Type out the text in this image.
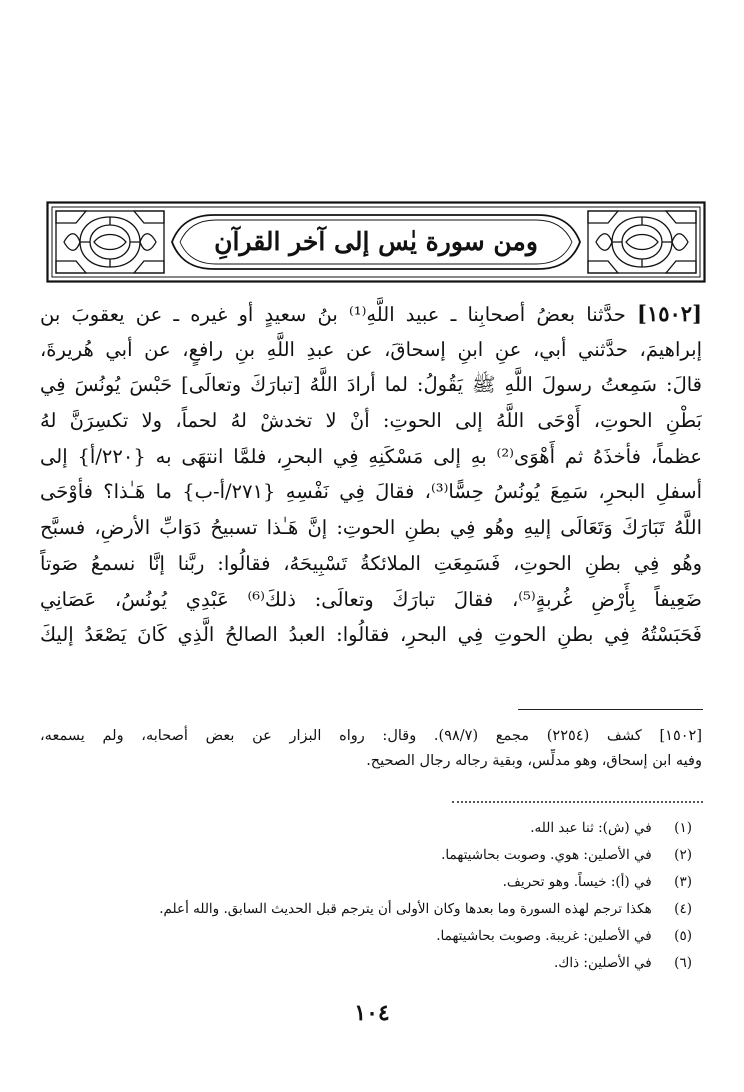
ومن سورة يٰس إلى آخر القرآنِ
[١٥٠٢] حدَّثنا بعضُ أصحابِنا ـ عبيد اللَّهِ⁽¹⁾ بنُ سعيدٍ أو غيره ـ عن يعقوبَ بن
إبراهيمَ، حدَّثني أبي، عنِ ابنِ إسحاقَ، عن عبدِ اللَّهِ بنِ رافعٍ، عن أبي هُريرةَ،
قالَ: سَمِعتُ رسولَ اللَّهِ ﷺ يَقُولُ: لما أرادَ اللَّهُ [تبارَكَ وتعالَى] حَبْسَ يُونُسَ فِي
بَطْنِ الحوتِ، أَوْحَى اللَّهُ إلى الحوتِ: أنْ لا تخدشْ لهُ لحماً، ولا تكسِرَنَّ لهُ
عظماً، فأخذَهُ ثم أَهْوَى⁽²⁾ بهِ إلى مَسْكَنِهِ فِي البحرِ، فلمَّا انتهَى به {٢٢٠/أ} إلى
أسفلِ البحرِ، سَمِعَ يُونُسُ حِسًّا⁽³⁾، فقالَ فِي نَفْسِهِ {٢٧١/أ-ب} ما هَـٰذا؟ فأوْحَى
اللَّهُ تَبَارَكَ وَتَعَالَى إليهِ وهُو فِي بطنِ الحوتِ: إنَّ هَـٰذا تسبيحُ دَوَابِّ الأرضِ، فسبَّح
وهُو فِي بطنِ الحوتِ، فَسَمِعَتِ الملائكةُ تَسْبِيحَهُ، فقالُوا: ربَّنا إنَّا نسمعُ صَوتاً
ضَعِيفاً بِأَرْضِ غُربةٍ⁽⁵⁾، فقالَ تبارَكَ وتعالَى: ذلكَ⁽⁶⁾ عَبْدِي يُونُسُ، عَصَانِي
فَحَبَسْتُهُ فِي بطنِ الحوتِ فِي البحرِ، فقالُوا: العبدُ الصالحُ الَّذِي كَانَ يَصْعَدُ إليكَ
[١٥٠٢] كشف (٢٢٥٤) مجمع (٩٨/٧). وقال: رواه البزار عن بعض أصحابه، ولم يسمعه،
وفيه ابن إسحاق، وهو مدلِّس، وبقية رجاله رجال الصحيح.
(١) في (ش): ثنا عبد الله.
(٢) في الأصلين: هوي. وصوبت بحاشيتهما.
(٣) في (أ): خيساً. وهو تحريف.
(٤) هكذا ترجم لهذه السورة وما بعدها وكان الأولى أن يترجم قبل الحديث السابق. والله أعلم.
(٥) في الأصلين: غريبة. وصوبت بحاشيتهما.
(٦) في الأصلين: ذاك.
١٠٤
